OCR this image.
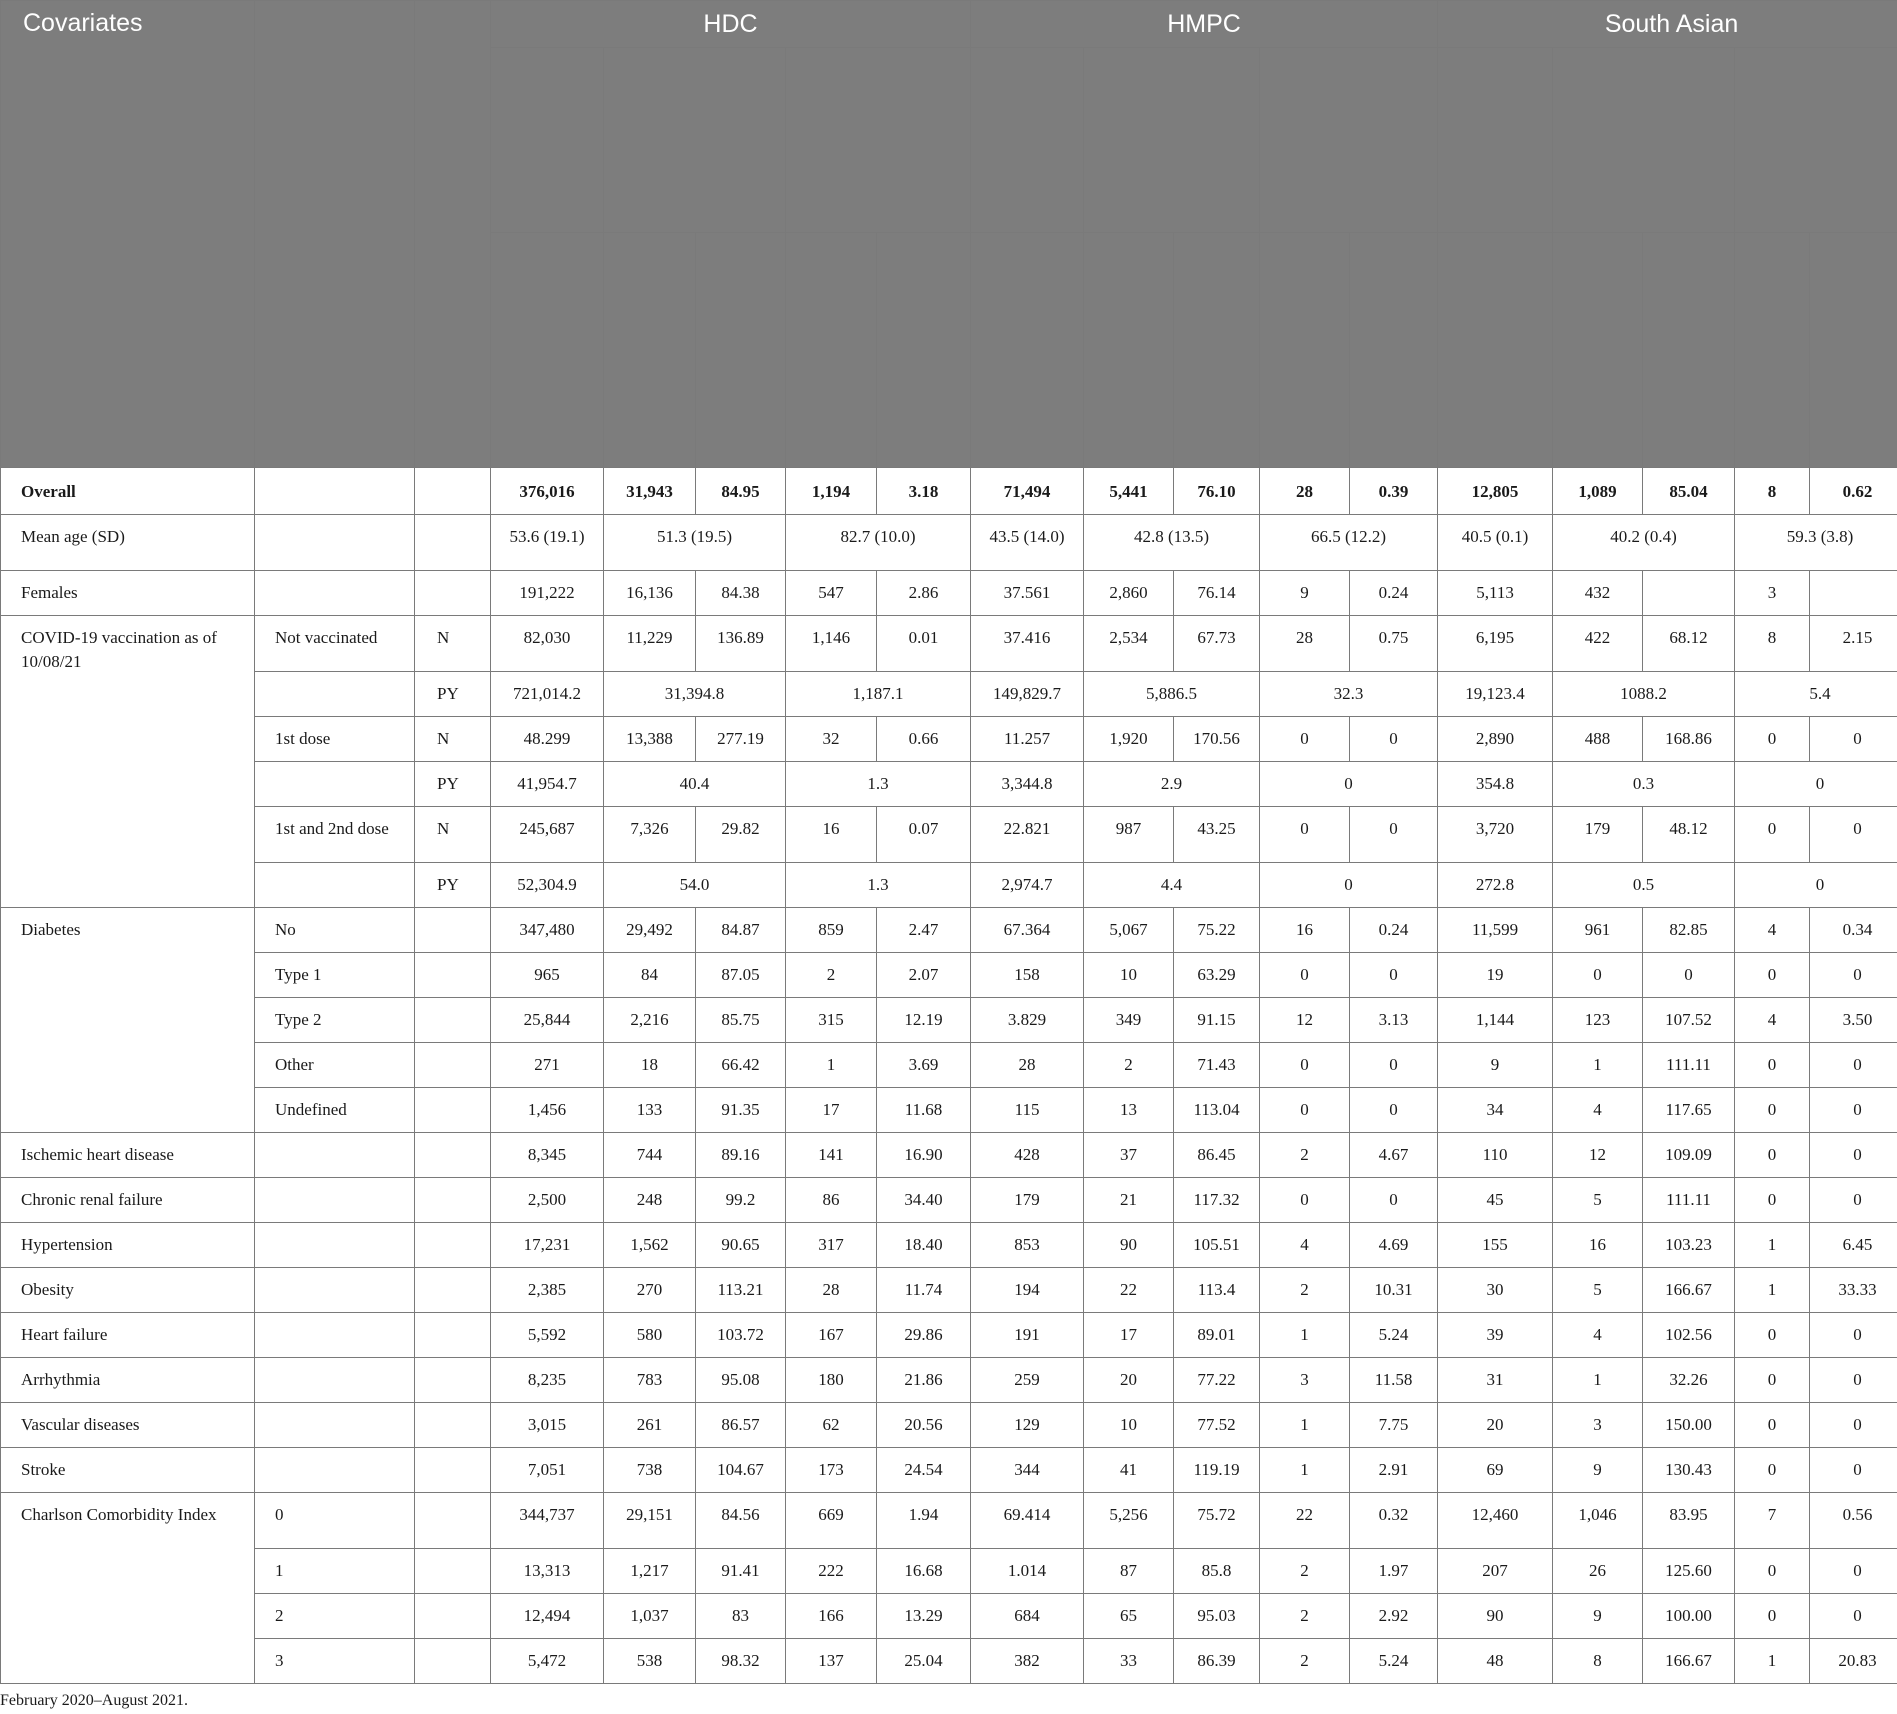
Covariates			HDC					HMPC					South Asian				

Overall			376,016	31,943	84.95	1,194	3.18	71,494	5,441	76.10	28	0.39	12,805	1,089	85.04	8	0.62
Mean age (SD)			53.6 (19.1)	51.3 (19.5)		82.7 (10.0)		43.5 (14.0)	42.8 (13.5)		66.5 (12.2)		40.5 (0.1)	40.2 (0.4)		59.3 (3.8)	
Females			191,222	16,136	84.38	547	2.86	37.561	2,860	76.14	9	0.24	5,113	432		3	
COVID-19 vaccination as of 10/08/21	Not vaccinated	N	82,030	11,229	136.89	1,146	0.01	37.416	2,534	67.73	28	0.75	6,195	422	68.12	8	2.15
		PY	721,014.2	31,394.8		1,187.1		149,829.7	5,886.5		32.3		19,123.4	1088.2		5.4	
	1st dose	N	48.299	13,388	277.19	32	0.66	11.257	1,920	170.56	0	0	2,890	488	168.86	0	0
		PY	41,954.7	40.4		1.3		3,344.8	2.9		0		354.8	0.3		0	
	1st and 2nd dose	N	245,687	7,326	29.82	16	0.07	22.821	987	43.25	0	0	3,720	179	48.12	0	0
		PY	52,304.9	54.0		1.3		2,974.7	4.4		0		272.8	0.5		0	
Diabetes	No		347,480	29,492	84.87	859	2.47	67.364	5,067	75.22	16	0.24	11,599	961	82.85	4	0.34
	Type 1		965	84	87.05	2	2.07	158	10	63.29	0	0	19	0	0	0	0
	Type 2		25,844	2,216	85.75	315	12.19	3.829	349	91.15	12	3.13	1,144	123	107.52	4	3.50
	Other		271	18	66.42	1	3.69	28	2	71.43	0	0	9	1	111.11	0	0
	Undefined		1,456	133	91.35	17	11.68	115	13	113.04	0	0	34	4	117.65	0	0
Ischemic heart disease			8,345	744	89.16	141	16.90	428	37	86.45	2	4.67	110	12	109.09	0	0
Chronic renal failure			2,500	248	99.2	86	34.40	179	21	117.32	0	0	45	5	111.11	0	0
Hypertension			17,231	1,562	90.65	317	18.40	853	90	105.51	4	4.69	155	16	103.23	1	6.45
Obesity			2,385	270	113.21	28	11.74	194	22	113.4	2	10.31	30	5	166.67	1	33.33
Heart failure			5,592	580	103.72	167	29.86	191	17	89.01	1	5.24	39	4	102.56	0	0
Arrhythmia			8,235	783	95.08	180	21.86	259	20	77.22	3	11.58	31	1	32.26	0	0
Vascular diseases			3,015	261	86.57	62	20.56	129	10	77.52	1	7.75	20	3	150.00	0	0
Stroke			7,051	738	104.67	173	24.54	344	41	119.19	1	2.91	69	9	130.43	0	0
Charlson Comorbidity Index	0		344,737	29,151	84.56	669	1.94	69.414	5,256	75.72	22	0.32	12,460	1,046	83.95	7	0.56
	1		13,313	1,217	91.41	222	16.68	1.014	87	85.8	2	1.97	207	26	125.60	0	0
	2		12,494	1,037	83	166	13.29	684	65	95.03	2	2.92	90	9	100.00	0	0
	3		5,472	538	98.32	137	25.04	382	33	86.39	2	5.24	48	8	166.67	1	20.83
February 2020–August 2021.
